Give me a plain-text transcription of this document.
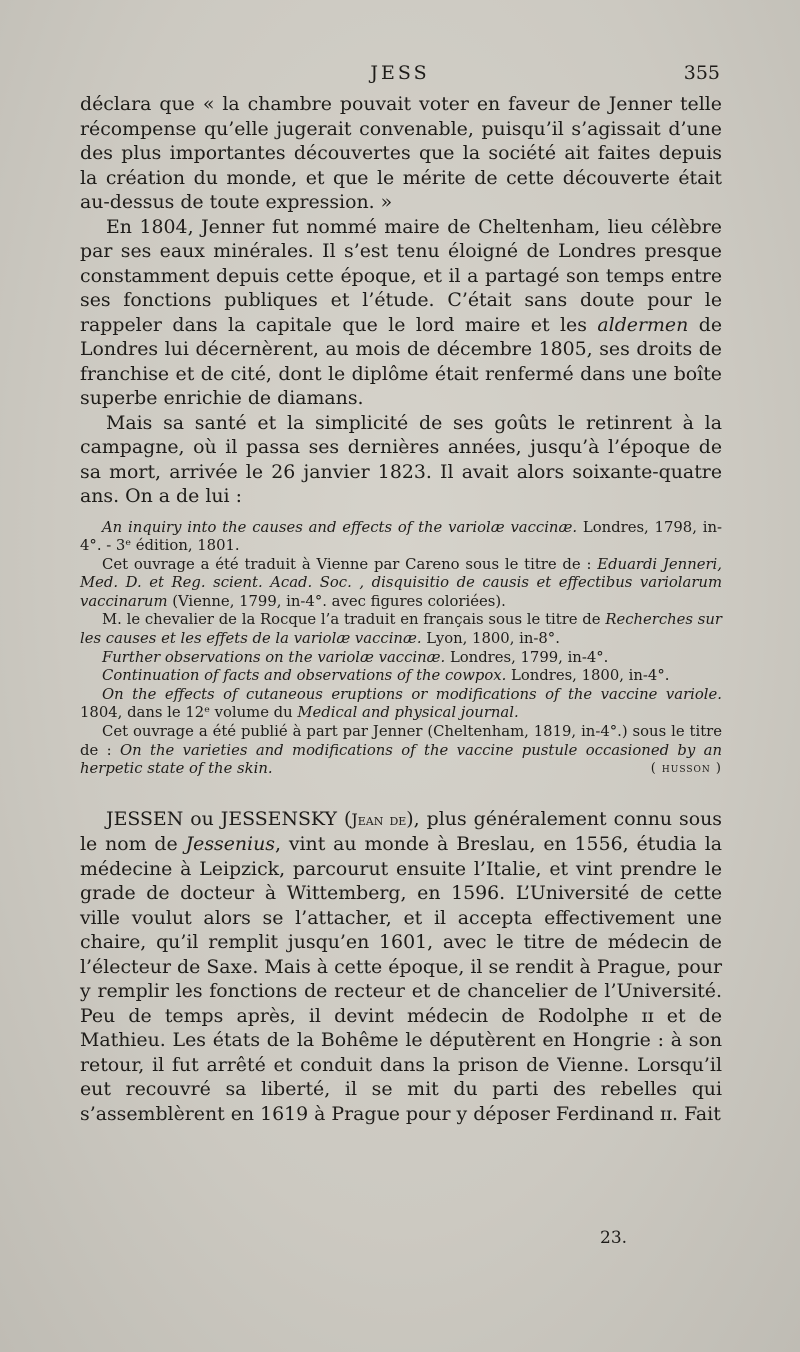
JESS	355

déclara que « la chambre pouvait voter en faveur de Jenner telle récompense qu’elle jugerait convenable, puisqu’il s’agissait d’une des plus importantes découvertes que la société ait faites depuis la création du monde, et que le mérite de cette découverte était au-dessus de toute expression. »

En 1804, Jenner fut nommé maire de Cheltenham, lieu célèbre par ses eaux minérales. Il s’est tenu éloigné de Londres presque constamment depuis cette époque, et il a partagé son temps entre ses fonctions publiques et l’étude. C’était sans doute pour le rappeler dans la capitale que le lord maire et les aldermen de Londres lui décernèrent, au mois de décembre 1805, ses droits de franchise et de cité, dont le diplôme était renfermé dans une boîte superbe enrichie de diamans.

Mais sa santé et la simplicité de ses goûts le retinrent à la campagne, où il passa ses dernières années, jusqu’à l’époque de sa mort, arrivée le 26 janvier 1823. Il avait alors soixante-quatre ans. On a de lui :

An inquiry into the causes and effects of the variolæ vaccinæ. Londres, 1798, in-4°. - 3ᵉ édition, 1801.

Cet ouvrage a été traduit à Vienne par Careno sous le titre de : Eduardi Jenneri, Med. D. et Reg. scient. Acad. Soc. , disquisitio de causis et effectibus variolarum vaccinarum (Vienne, 1799, in-4°. avec figures coloriées).

M. le chevalier de la Rocque l’a traduit en français sous le titre de Recherches sur les causes et les effets de la variolæ vaccinæ. Lyon, 1800, in-8°.

Further observations on the variolæ vaccinæ. Londres, 1799, in-4°.

Continuation of facts and observations of the cowpox. Londres, 1800, in-4°.

On the effects of cutaneous eruptions or modifications of the vaccine variole. 1804, dans le 12ᵉ volume du Medical and physical journal.

Cet ouvrage a été publié à part par Jenner (Cheltenham, 1819, in-4°.) sous le titre de : On the varieties and modifications of the vaccine pustule occasioned by an herpetic state of the skin.	( husson )

JESSEN ou JESSENSKY (Jean de), plus généralement connu sous le nom de Jessenius, vint au monde à Breslau, en 1556, étudia la médecine à Leipzick, parcourut ensuite l’Italie, et vint prendre le grade de docteur à Wittemberg, en 1596. L’Université de cette ville voulut alors se l’attacher, et il accepta effectivement une chaire, qu’il remplit jusqu’en 1601, avec le titre de médecin de l’électeur de Saxe. Mais à cette époque, il se rendit à Prague, pour y remplir les fonctions de recteur et de chancelier de l’Université. Peu de temps après, il devint médecin de Rodolphe ɪɪ et de Mathieu. Les états de la Bohême le députèrent en Hongrie : à son retour, il fut arrêté et conduit dans la prison de Vienne. Lorsqu’il eut recouvré sa liberté, il se mit du parti des rebelles qui s’assemblèrent en 1619 à Prague pour y déposer Ferdinand ɪɪ. Fait

23.
